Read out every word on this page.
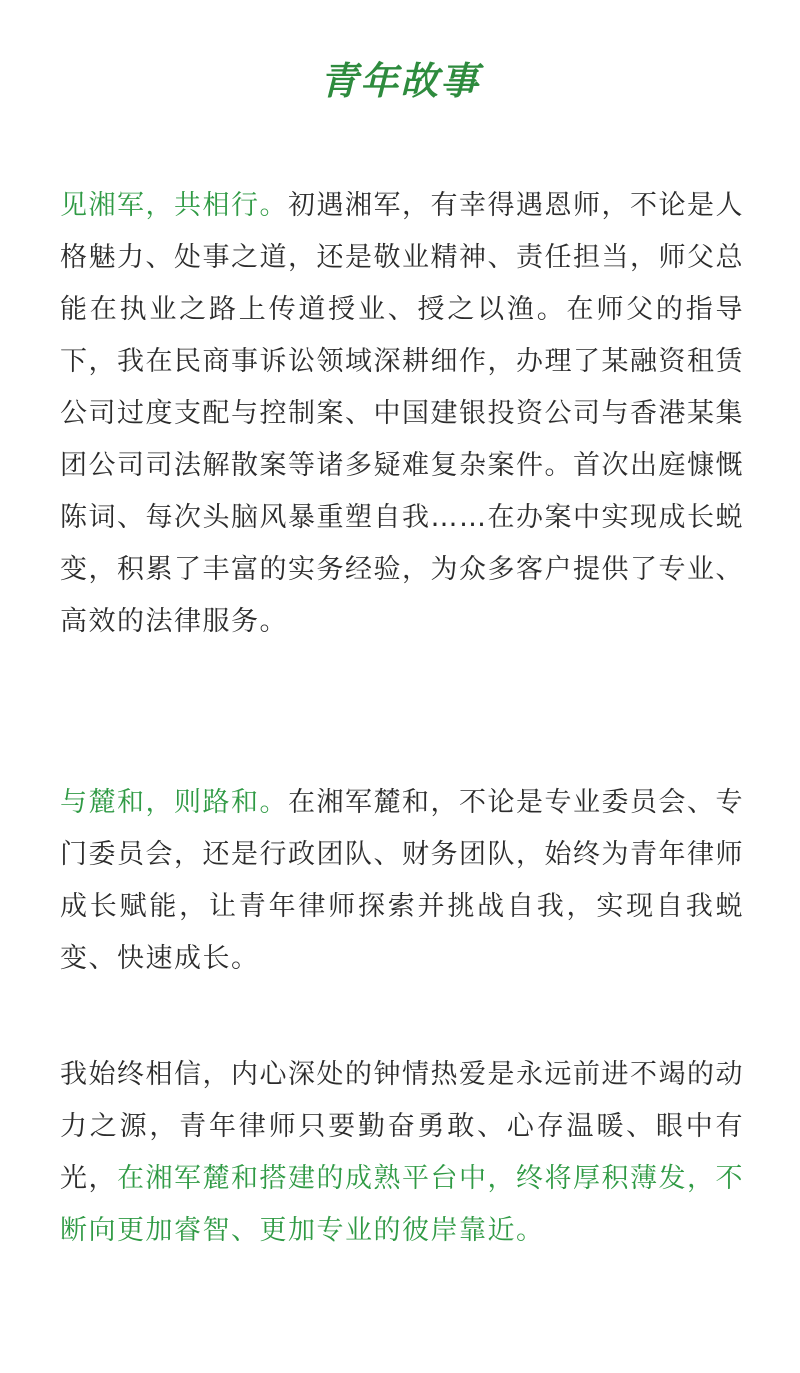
青年故事

见湘军，共相行。初遇湘军，有幸得遇恩师，不论是人格魅力、处事之道，还是敬业精神、责任担当，师父总能在执业之路上传道授业、授之以渔。在师父的指导下，我在民商事诉讼领域深耕细作，办理了某融资租赁公司过度支配与控制案、中国建银投资公司与香港某集团公司司法解散案等诸多疑难复杂案件。首次出庭慷慨陈词、每次头脑风暴重塑自我……在办案中实现成长蜕变，积累了丰富的实务经验，为众多客户提供了专业、高效的法律服务。

与麓和，则路和。在湘军麓和，不论是专业委员会、专门委员会，还是行政团队、财务团队，始终为青年律师成长赋能，让青年律师探索并挑战自我，实现自我蜕变、快速成长。

我始终相信，内心深处的钟情热爱是永远前进不竭的动力之源，青年律师只要勤奋勇敢、心存温暖、眼中有光，在湘军麓和搭建的成熟平台中，终将厚积薄发，不断向更加睿智、更加专业的彼岸靠近。
